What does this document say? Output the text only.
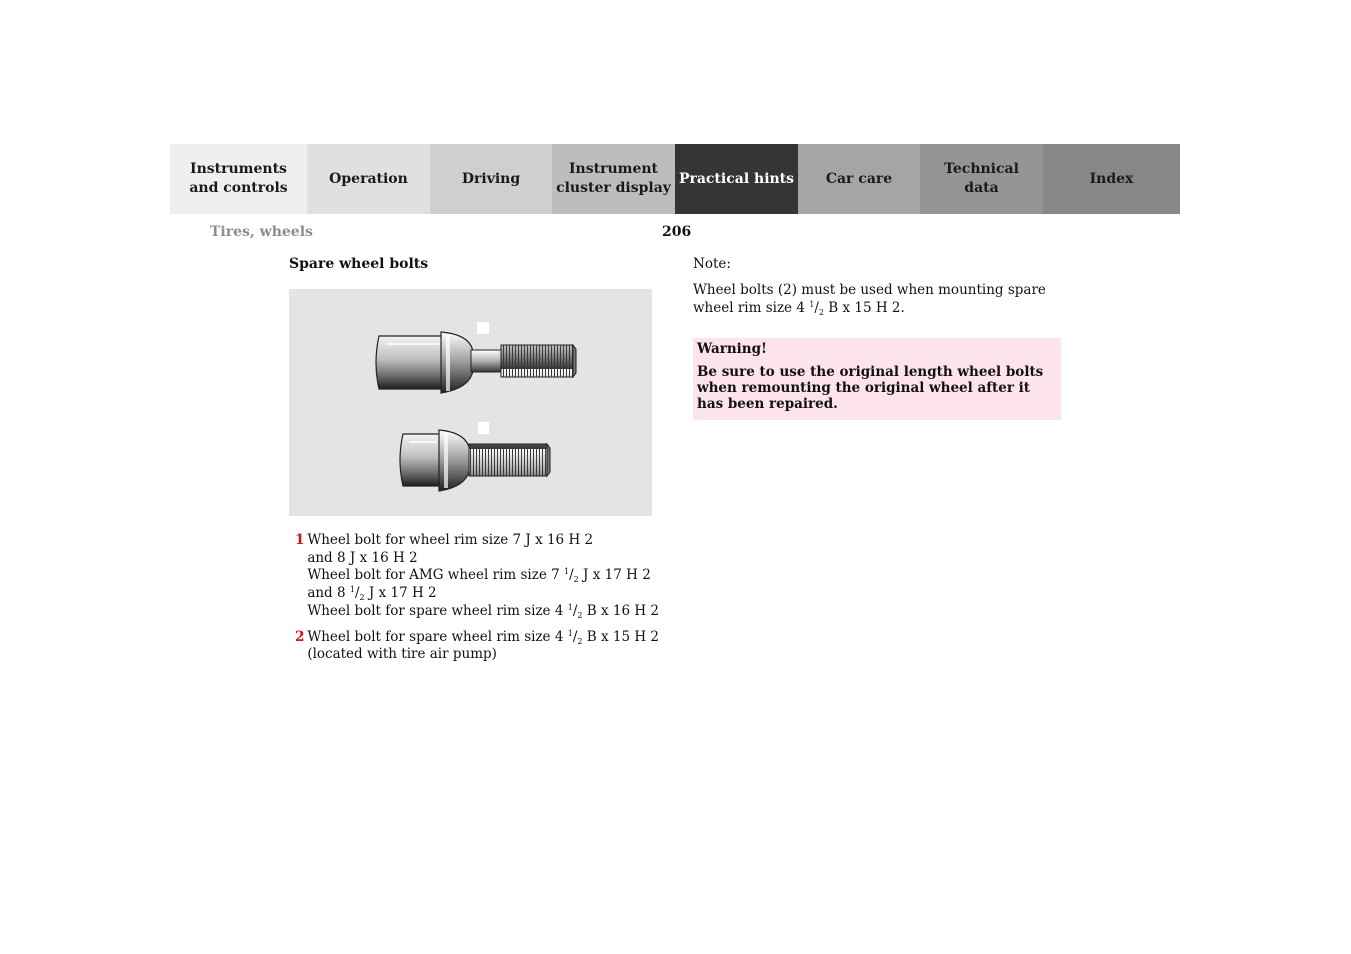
Instruments
and controls
Operation	Driving
Instrument
cluster display
Practical hints Car care
Technical
data
Index
Tires, wheels	206
Spare wheel bolts
1 Wheel bolt for wheel rim size 7 J x 16 H 2
and 8 J x 16 H 2
Wheel bolt for AMG wheel rim size 7 $^1/_2$ J x 17 H 2
and 8 $^1/_2$ J x 17 H 2
Wheel bolt for spare wheel rim size 4 $^1/_2$ B x 16 H 2
2 Wheel bolt for spare wheel rim size 4 $^1/_2$ B x 15 H 2
(located with tire air pump)
Note:
Wheel bolts (2) must be used when mounting spare wheel rim size 4 $^1/_2$ B x 15 H 2.
Warning!
Be sure to use the original length wheel bolts when remounting the original wheel after it has been repaired.
